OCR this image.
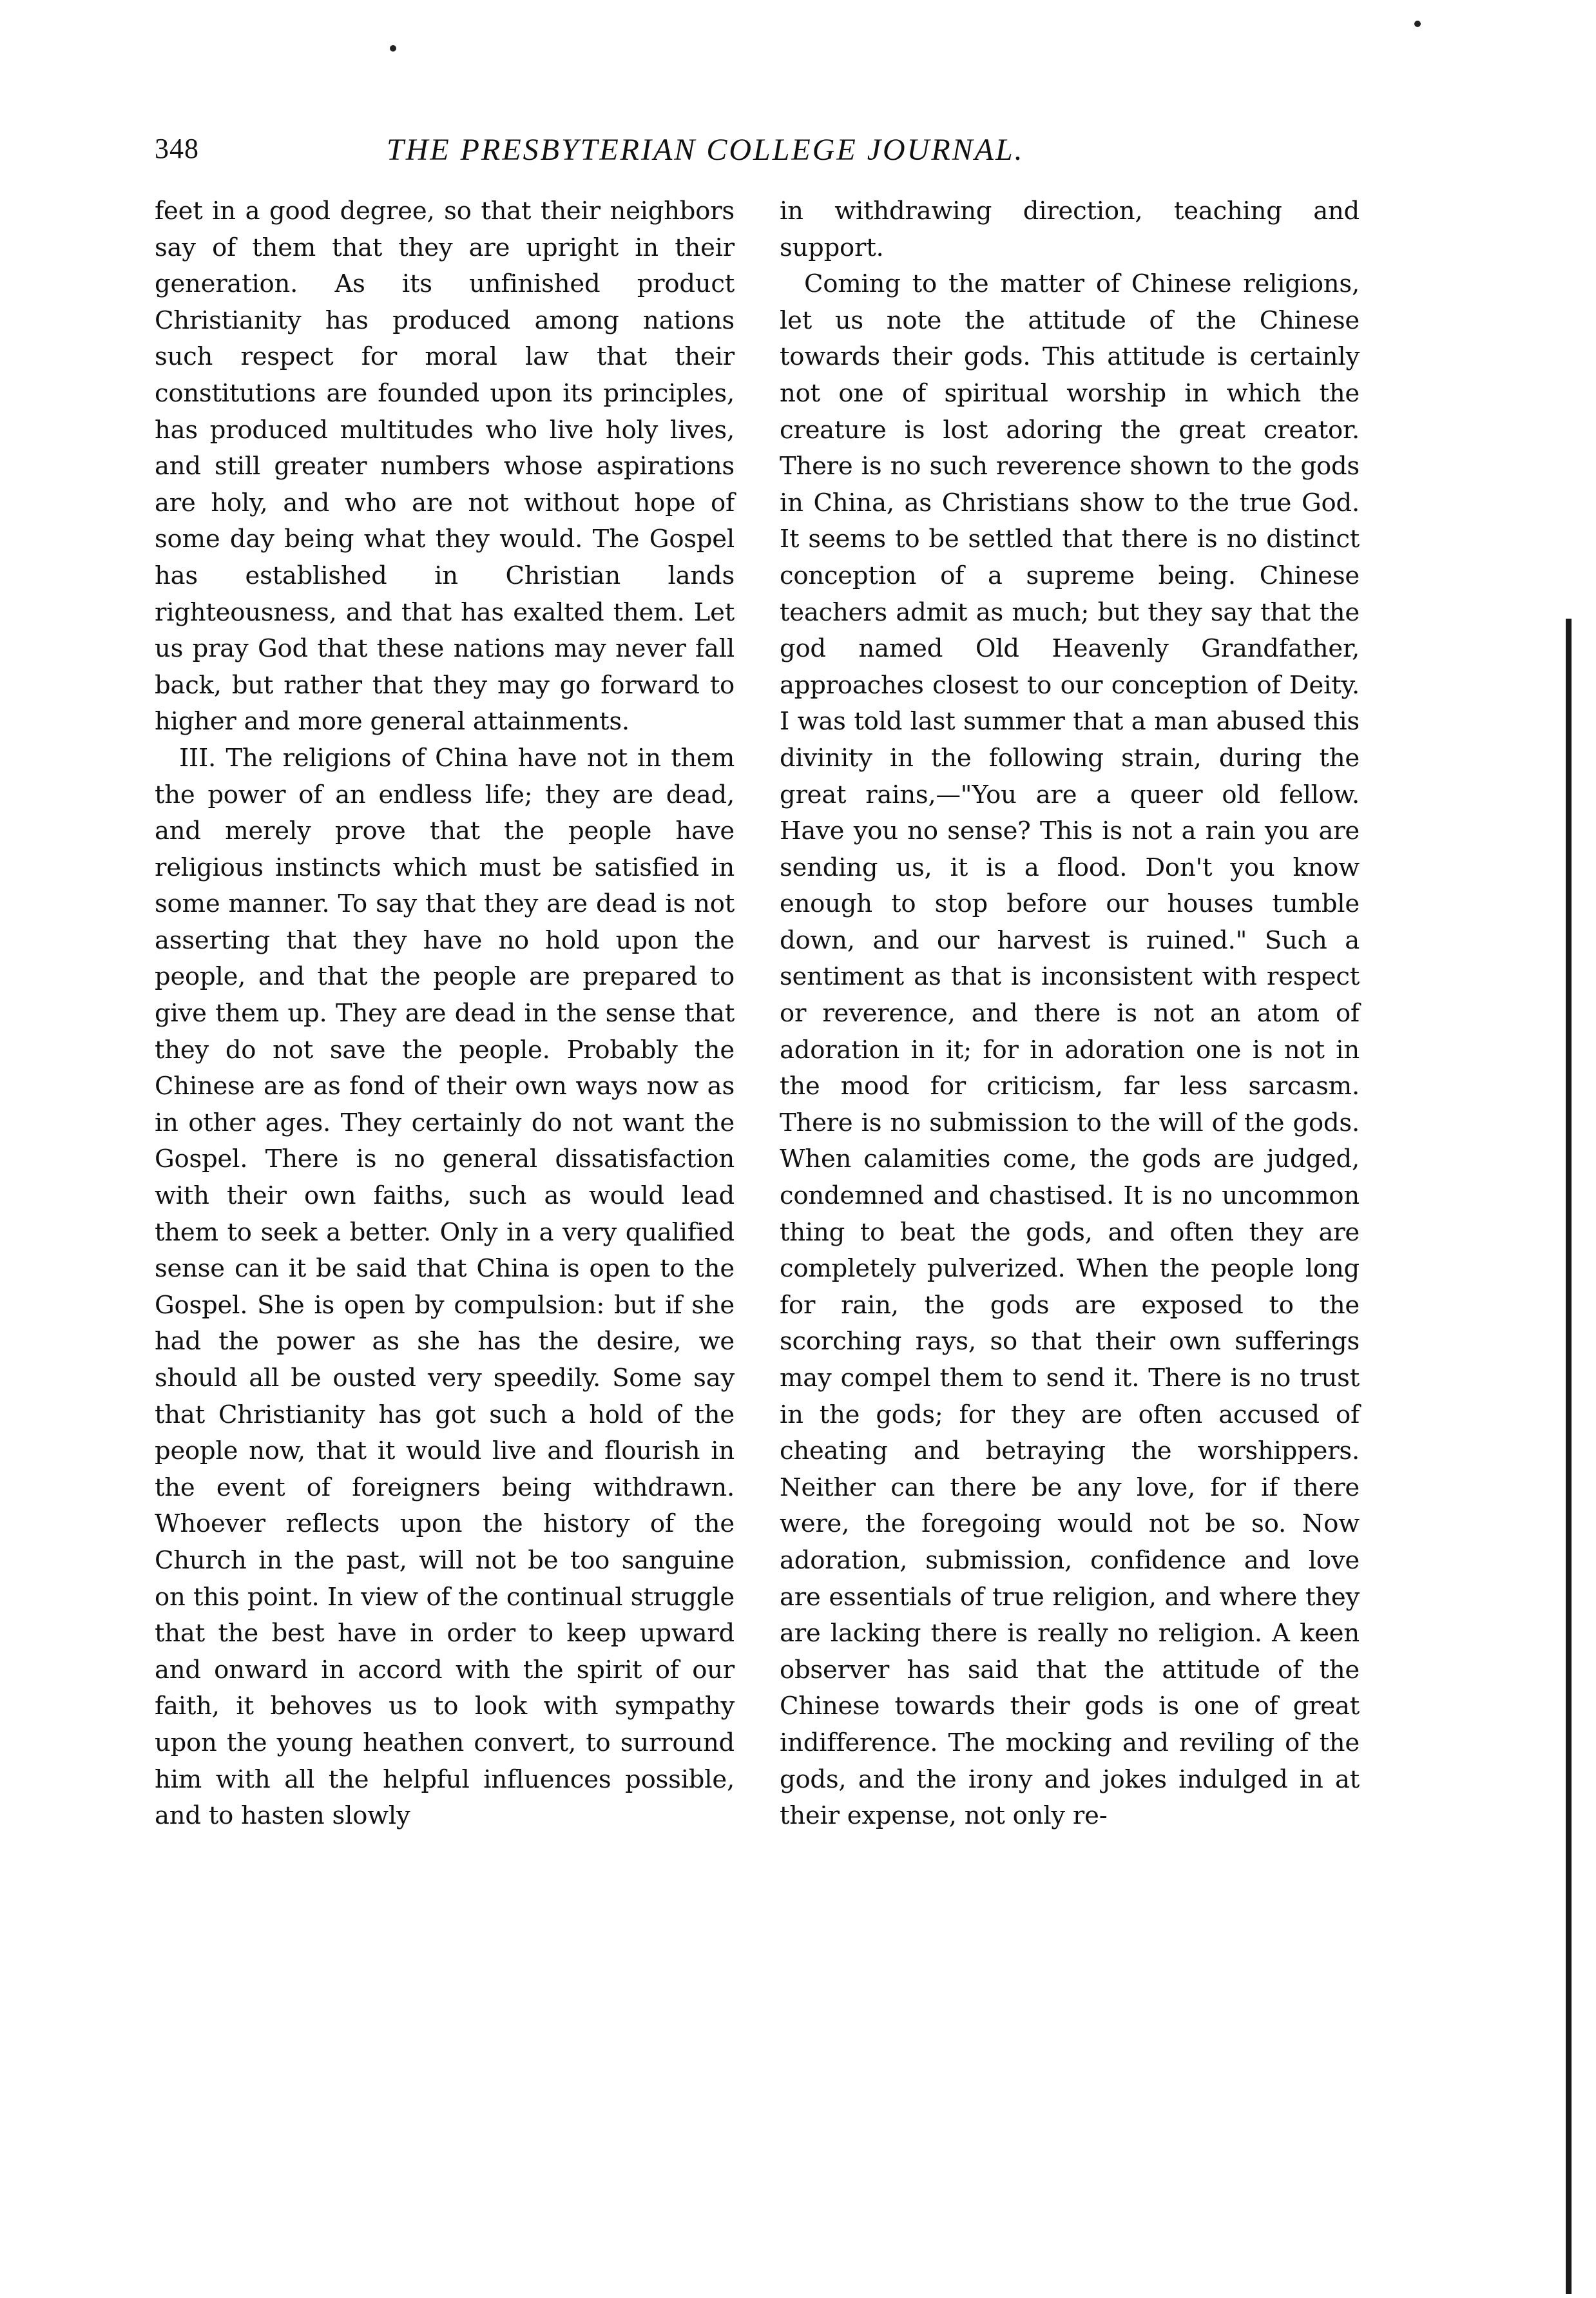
348	THE PRESBYTERIAN COLLEGE JOURNAL.

feet in a good degree, so that their neighbors say of them that they are upright in their generation. As its unfinished product Christianity has produced among nations such respect for moral law that their constitutions are founded upon its principles, has produced multitudes who live holy lives, and still greater numbers whose aspirations are holy, and who are not without hope of some day being what they would. The Gospel has established in Christian lands righteousness, and that has exalted them. Let us pray God that these nations may never fall back, but rather that they may go forward to higher and more general attainments.

III. The religions of China have not in them the power of an endless life; they are dead, and merely prove that the people have religious instincts which must be satisfied in some manner. To say that they are dead is not asserting that they have no hold upon the people, and that the people are prepared to give them up. They are dead in the sense that they do not save the people. Probably the Chinese are as fond of their own ways now as in other ages. They certainly do not want the Gospel. There is no general dissatisfaction with their own faiths, such as would lead them to seek a better. Only in a very qualified sense can it be said that China is open to the Gospel. She is open by compulsion: but if she had the power as she has the desire, we should all be ousted very speedily. Some say that Christianity has got such a hold of the people now, that it would live and flourish in the event of foreigners being withdrawn. Whoever reflects upon the history of the Church in the past, will not be too sanguine on this point. In view of the continual struggle that the best have in order to keep upward and onward in accord with the spirit of our faith, it behoves us to look with sympathy upon the young heathen convert, to surround him with all the helpful influences possible, and to hasten slowly

in withdrawing direction, teaching and support.

Coming to the matter of Chinese religions, let us note the attitude of the Chinese towards their gods. This attitude is certainly not one of spiritual worship in which the creature is lost adoring the great creator. There is no such reverence shown to the gods in China, as Christians show to the true God. It seems to be settled that there is no distinct conception of a supreme being. Chinese teachers admit as much; but they say that the god named Old Heavenly Grandfather, approaches closest to our conception of Deity. I was told last summer that a man abused this divinity in the following strain, during the great rains,—"You are a queer old fellow. Have you no sense? This is not a rain you are sending us, it is a flood. Don't you know enough to stop before our houses tumble down, and our harvest is ruined." Such a sentiment as that is inconsistent with respect or reverence, and there is not an atom of adoration in it; for in adoration one is not in the mood for criticism, far less sarcasm. There is no submission to the will of the gods. When calamities come, the gods are judged, condemned and chastised. It is no uncommon thing to beat the gods, and often they are completely pulverized. When the people long for rain, the gods are exposed to the scorching rays, so that their own sufferings may compel them to send it. There is no trust in the gods; for they are often accused of cheating and betraying the worshippers. Neither can there be any love, for if there were, the foregoing would not be so. Now adoration, submission, confidence and love are essentials of true religion, and where they are lacking there is really no religion. A keen observer has said that the attitude of the Chinese towards their gods is one of great indifference. The mocking and reviling of the gods, and the irony and jokes indulged in at their expense, not only re-
